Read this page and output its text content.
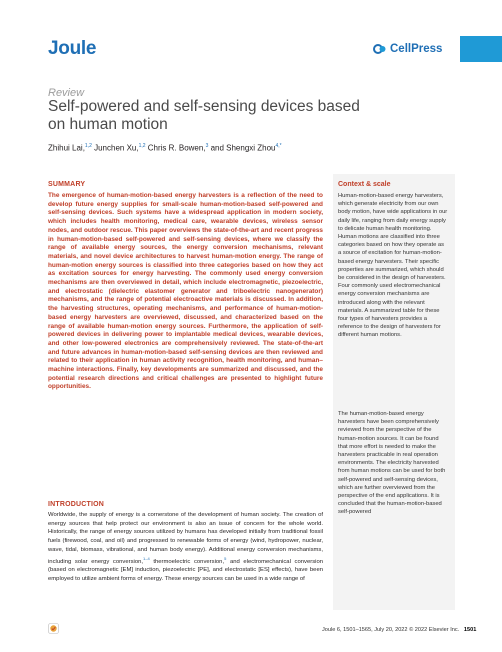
Joule	CellPress
Review
Self-powered and self-sensing devices based on human motion
Zhihui Lai,$^{1,2}$ Junchen Xu,$^{1,2}$ Chris R. Bowen,$^3$ and Shengxi Zhou$^{4,*}$
SUMMARY
The emergence of human-motion-based energy harvesters is a reflection of the need to develop future energy supplies for small-scale human-motion-based self-powered and self-sensing devices. Such systems have a widespread application in modern society, which includes health monitoring, medical care, wearable devices, wireless sensor nodes, and outdoor rescue. This paper overviews the state-of-the-art and recent progress in human-motion-based self-powered and self-sensing devices, where we classify the range of available energy sources, the energy conversion mechanisms, relevant materials, and novel device architectures to harvest human-motion energy. The range of human-motion energy sources is classified into three categories based on how they act as excitation sources for energy harvesting. The commonly used energy conversion mechanisms are then overviewed in detail, which include electromagnetic, piezoelectric, and electrostatic (dielectric elastomer generator and triboelectric nanogenerator) mechanisms, and the range of potential electroactive materials is discussed. In addition, the harvesting structures, operating mechanisms, and performance of human-motion-based energy harvesters are overviewed, discussed, and characterized based on the range of available human-motion energy sources. Furthermore, the application of self-powered devices in delivering power to implantable medical devices, wearable devices, and other low-powered electronics are comprehensively reviewed. The state-of-the-art and future advances in human-motion-based self-sensing devices are then reviewed and related to their application in human activity recognition, health monitoring, and human–machine interactions. Finally, key developments are summarized and discussed, and the potential research directions and critical challenges are presented to highlight future opportunities.
INTRODUCTION
Worldwide, the supply of energy is a cornerstone of the development of human society. The creation of energy sources that help protect our environment is also an issue of concern for the whole world. Historically, the range of energy sources utilized by humans has developed initially from traditional fossil fuels (firewood, coal, and oil) and progressed to renewable forms of energy (wind, hydropower, nuclear, wave, tidal, biomass, vibrational, and human body energy). Additional energy conversion mechanisms, including solar energy conversion,$^{1-4}$ thermoelectric conversion,$^5$ and electromechanical conversion (based on electromagnetic [EM] induction, piezoelectric [PE], and electrostatic [ES] effects), have been employed to utilize ambient forms of energy. These energy sources can be used in a wide range of
Context & scale
Human-motion-based energy harvesters, which generate electricity from our own body motion, have wide applications in our daily life, ranging from daily energy supply to delicate human health monitoring. Human motions are classified into three categories based on how they operate as a source of excitation for human-motion-based energy harvesters. Their specific properties are summarized, which should be considered in the design of harvesters. Four commonly used electromechanical energy conversion mechanisms are introduced along with the relevant materials. A summarized table for these four types of harvesters provides a reference to the design of harvesters for different human motions.
The human-motion-based energy harvesters have been comprehensively reviewed from the perspective of the human-motion sources. It can be found that more effort is needed to make the harvesters practicable in real operation environments. The electricity harvested from human motions can be used for both self-powered and self-sensing devices, which are further overviewed from the perspective of the end applications. It is concluded that the human-motion-based self-powered
Joule 6, 1501–1565, July 20, 2022 © 2022 Elsevier Inc. 1501
